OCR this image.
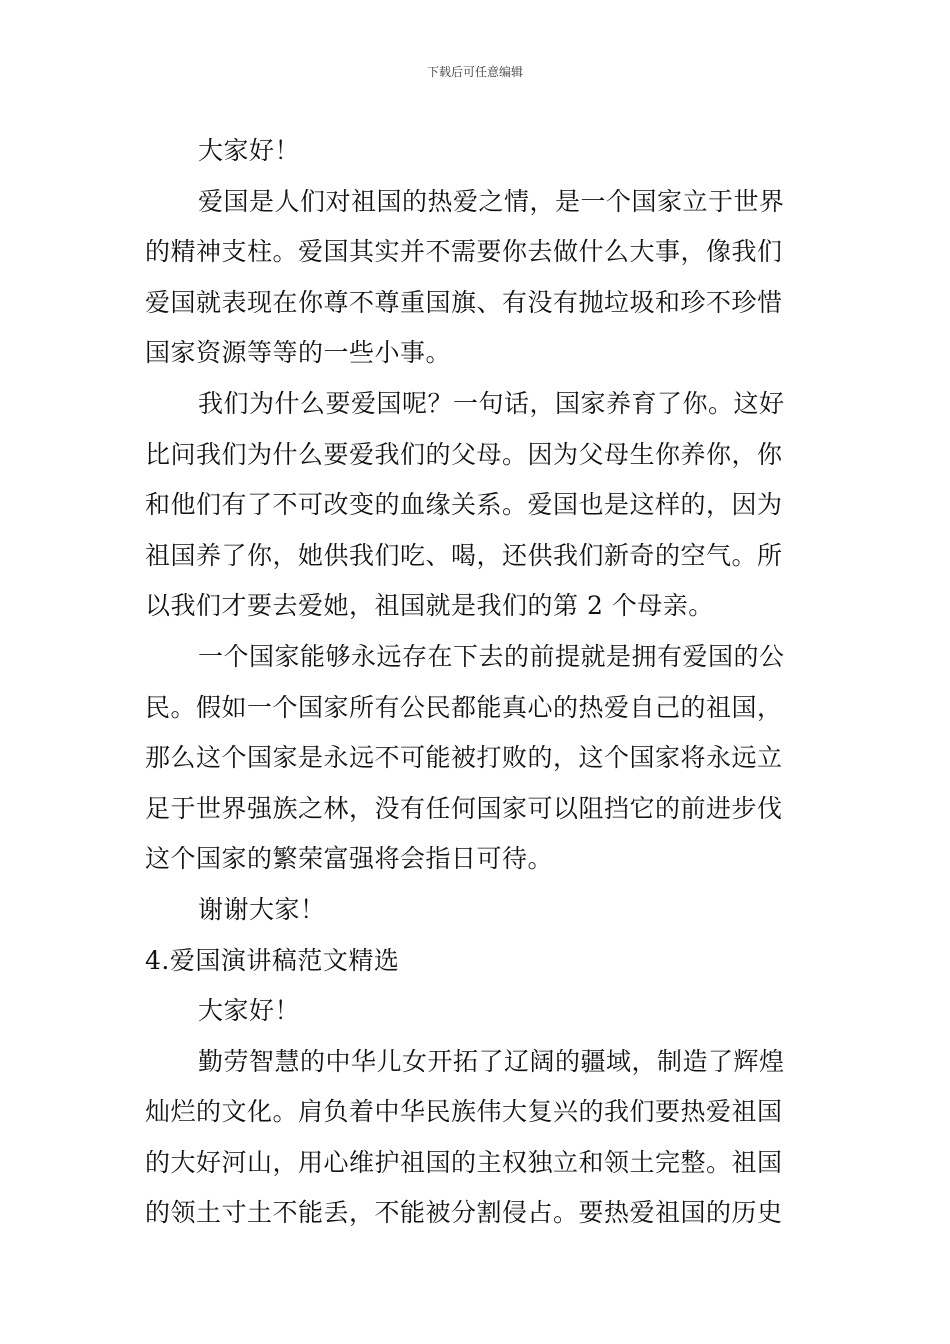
下载后可任意编辑
大家好！
爱国是人们对祖国的热爱之情，是一个国家立于世界
的精神支柱。爱国其实并不需要你去做什么大事，像我们
爱国就表现在你尊不尊重国旗、有没有抛垃圾和珍不珍惜
国家资源等等的一些小事。
我们为什么要爱国呢？一句话，国家养育了你。这好
比问我们为什么要爱我们的父母。因为父母生你养你，你
和他们有了不可改变的血缘关系。爱国也是这样的，因为
祖国养了你，她供我们吃、喝，还供我们新奇的空气。所
以我们才要去爱她，祖国就是我们的第 2 个母亲。
一个国家能够永远存在下去的前提就是拥有爱国的公
民。假如一个国家所有公民都能真心的热爱自己的祖国，
那么这个国家是永远不可能被打败的，这个国家将永远立
足于世界强族之林，没有任何国家可以阻挡它的前进步伐
这个国家的繁荣富强将会指日可待。
谢谢大家！
4.爱国演讲稿范文精选
大家好！
勤劳智慧的中华儿女开拓了辽阔的疆域，制造了辉煌
灿烂的文化。肩负着中华民族伟大复兴的我们要热爱祖国
的大好河山，用心维护祖国的主权独立和领土完整。祖国
的领土寸土不能丢，不能被分割侵占。要热爱祖国的历史
